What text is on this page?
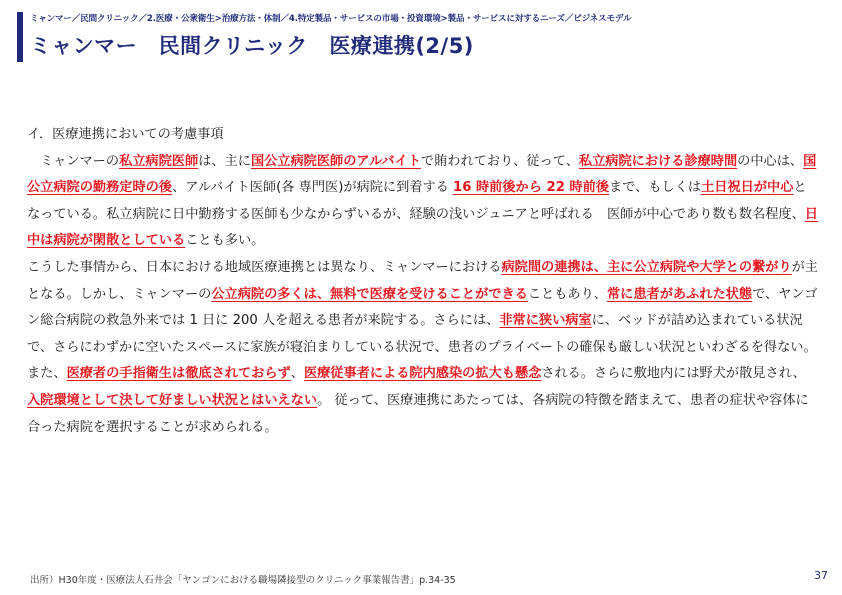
ミャンマー／民間クリニック／2.医療・公衆衛生>治療方法・体制／4.特定製品・サービスの市場・投資環境>製品・サービスに対するニーズ／ビジネスモデル
ミャンマー　民間クリニック　医療連携(2/5)

イ．医療連携においての考慮事項

　ミャンマーの私立病院医師は、主に国公立病院医師のアルバイトで賄われており、従って、私立病院における診療時間の中心は、国公立病院の勤務定時の後、アルバイト医師(各 専門医)が病院に到着する 16 時前後から 22 時前後まで、もしくは土日祝日が中心となっている。私立病院に日中勤務する医師も少なからずいるが、経験の浅いジュニアと呼ばれる　医師が中心であり数も数名程度、日中は病院が閑散としていることも多い。

こうした事情から、日本における地域医療連携とは異なり、ミャンマーにおける病院間の連携は、主に公立病院や大学との繋がりが主となる。しかし、ミャンマーの公立病院の多くは、無料で医療を受けることができることもあり、常に患者があふれた状態で、ヤンゴン総合病院の救急外来では 1 日に 200 人を超える患者が来院する。さらには、非常に狭い病室に、ベッドが詰め込まれている状況で、さらにわずかに空いたスペースに家族が寝泊まりしている状況で、患者のプライベートの確保も厳しい状況といわざるを得ない。また、医療者の手指衛生は徹底されておらず、医療従事者による院内感染の拡大も懸念される。さらに敷地内には野犬が散見され、入院環境として決して好ましい状況とはいえない。 従って、医療連携にあたっては、各病院の特徴を踏まえて、患者の症状や容体に合った病院を選択することが求められる。

出所）H30年度・医療法人石井会「ヤンゴンにおける職場隣接型のクリニック事業報告書」p.34-35	37
